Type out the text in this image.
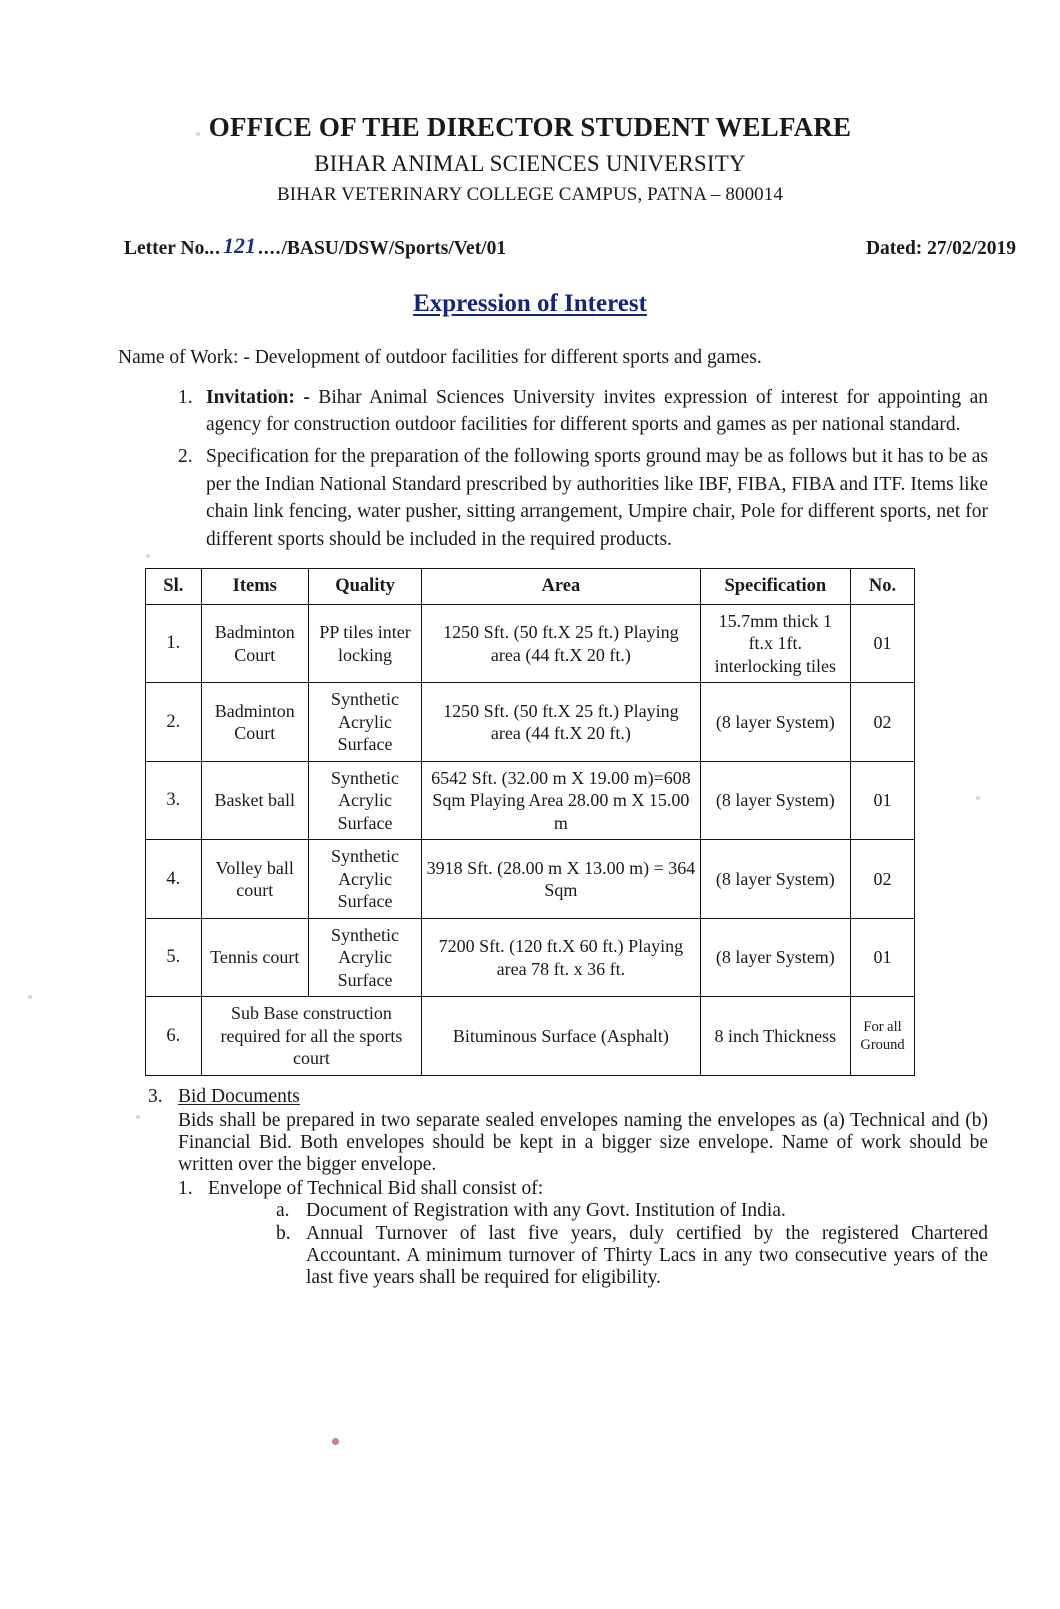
OFFICE OF THE DIRECTOR STUDENT WELFARE
BIHAR ANIMAL SCIENCES UNIVERSITY
BIHAR VETERINARY COLLEGE CAMPUS, PATNA – 800014
Letter No. .. 121 .... /BASU/DSW/Sports/Vet/01	Dated: 27/02/2019
Expression of Interest
Name of Work: - Development of outdoor facilities for different sports and games.
1. Invitation: - Bihar Animal Sciences University invites expression of interest for appointing an agency for construction outdoor facilities for different sports and games as per national standard.
2. Specification for the preparation of the following sports ground may be as follows but it has to be as per the Indian National Standard prescribed by authorities like IBF, FIBA, FIBA and ITF. Items like chain link fencing, water pusher, sitting arrangement, Umpire chair, Pole for different sports, net for different sports should be included in the required products.
Sl.	Items	Quality	Area	Specification	No.
1.	Badminton Court	PP tiles inter locking	1250 Sft. (50 ft.X 25 ft.) Playing area (44 ft.X 20 ft.)	15.7mm thick 1 ft.x 1ft. interlocking tiles	01
2.	Badminton Court	Synthetic Acrylic Surface	1250 Sft. (50 ft.X 25 ft.) Playing area (44 ft.X 20 ft.)	(8 layer System)	02
3.	Basket ball	Synthetic Acrylic Surface	6542 Sft. (32.00 m X 19.00 m)=608 Sqm Playing Area 28.00 m X 15.00 m	(8 layer System)	01
4.	Volley ball court	Synthetic Acrylic Surface	3918 Sft. (28.00 m X 13.00 m) = 364 Sqm	(8 layer System)	02
5.	Tennis court	Synthetic Acrylic Surface	7200 Sft. (120 ft.X 60 ft.) Playing area 78 ft. x 36 ft.	(8 layer System)	01
6.	Sub Base construction required for all the sports court		Bituminous Surface (Asphalt)	8 inch Thickness	For all Ground
3. Bid Documents
Bids shall be prepared in two separate sealed envelopes naming the envelopes as (a) Technical and (b) Financial Bid. Both envelopes should be kept in a bigger size envelope. Name of work should be written over the bigger envelope.
1. Envelope of Technical Bid shall consist of:
a. Document of Registration with any Govt. Institution of India.
b. Annual Turnover of last five years, duly certified by the registered Chartered Accountant. A minimum turnover of Thirty Lacs in any two consecutive years of the last five years shall be required for eligibility.
